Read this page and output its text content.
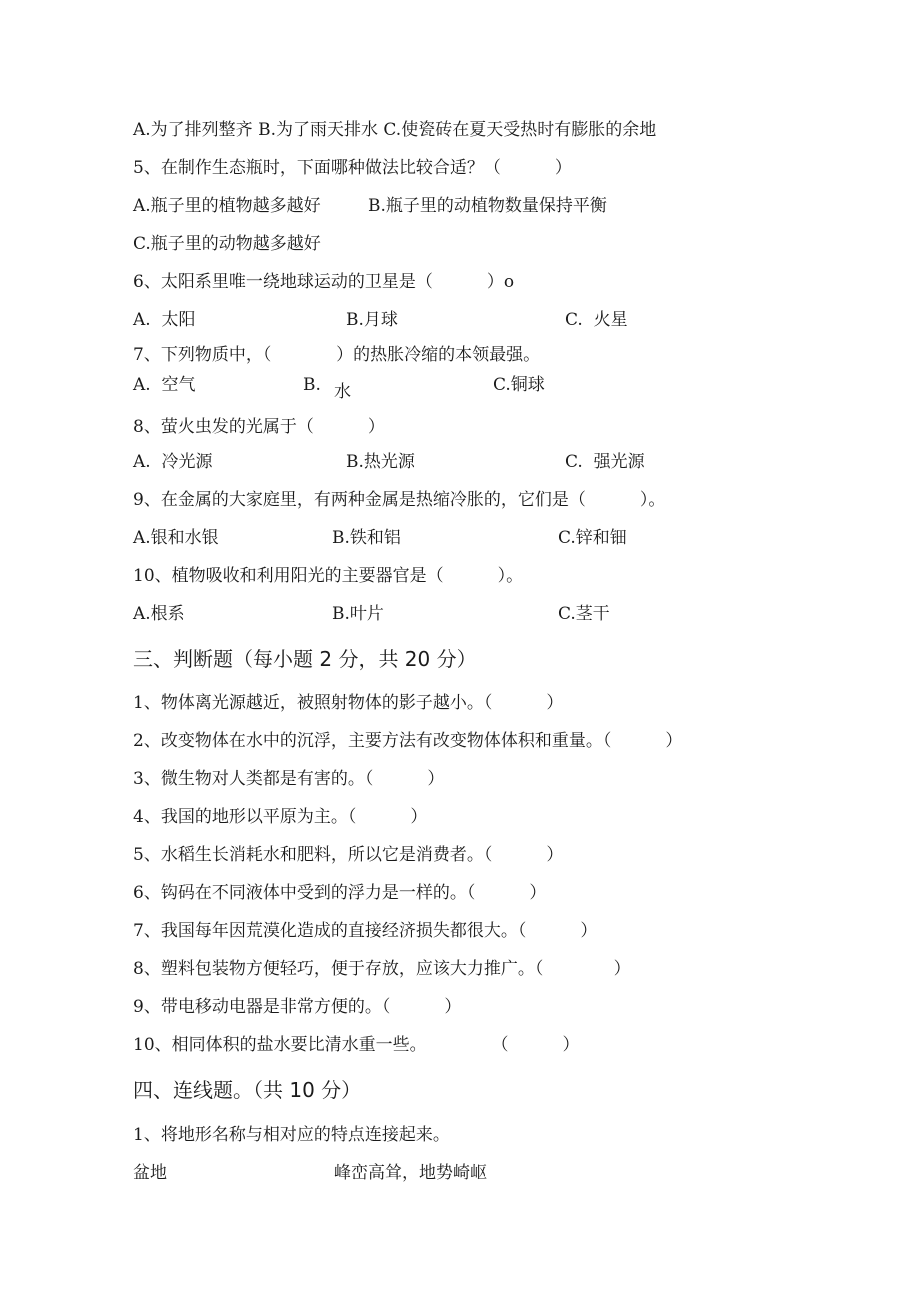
A.为了排列整齐 B.为了雨天排水 C.使瓷砖在夏天受热时有膨胀的余地
5、在制作生态瓶时，下面哪种做法比较合适？（          ）
A.瓶子里的植物越多越好	B.瓶子里的动植物数量保持平衡
C.瓶子里的动物越多越好
6、太阳系里唯一绕地球运动的卫星是（          ）o
A.  太阳	B.月球	C.  火星
7、下列物质中，（            ）的热胀冷缩的本领最强。
A.  空气	B. 水	C.铜球
8、萤火虫发的光属于（          ）
A.  冷光源	B.热光源	C.  强光源
9、在金属的大家庭里，有两种金属是热缩冷胀的，它们是（          ）。
A.银和水银	B.铁和铝	C.锌和钿
10、植物吸收和利用阳光的主要器官是（          ）。
A.根系	B.叶片	C.茎干
三、判断题（每小题 2 分，共 20 分）
1、物体离光源越近，被照射物体的影子越小。（          ）
2、改变物体在水中的沉浮，主要方法有改变物体体积和重量。（          ）
3、微生物对人类都是有害的。（          ）
4、我国的地形以平原为主。（          ）
5、水稻生长消耗水和肥料，所以它是消费者。（          ）
6、钩码在不同液体中受到的浮力是一样的。（          ）
7、我国每年因荒漠化造成的直接经济损失都很大。（          ）
8、塑料包装物方便轻巧，便于存放，应该大力推广。（             ）
9、带电移动电器是非常方便的。（          ）
10、相同体积的盐水要比清水重一些。            （          ）
四、连线题。（共 10 分）
1、将地形名称与相对应的特点连接起来。
盆地	峰峦高耸，地势崎岖
